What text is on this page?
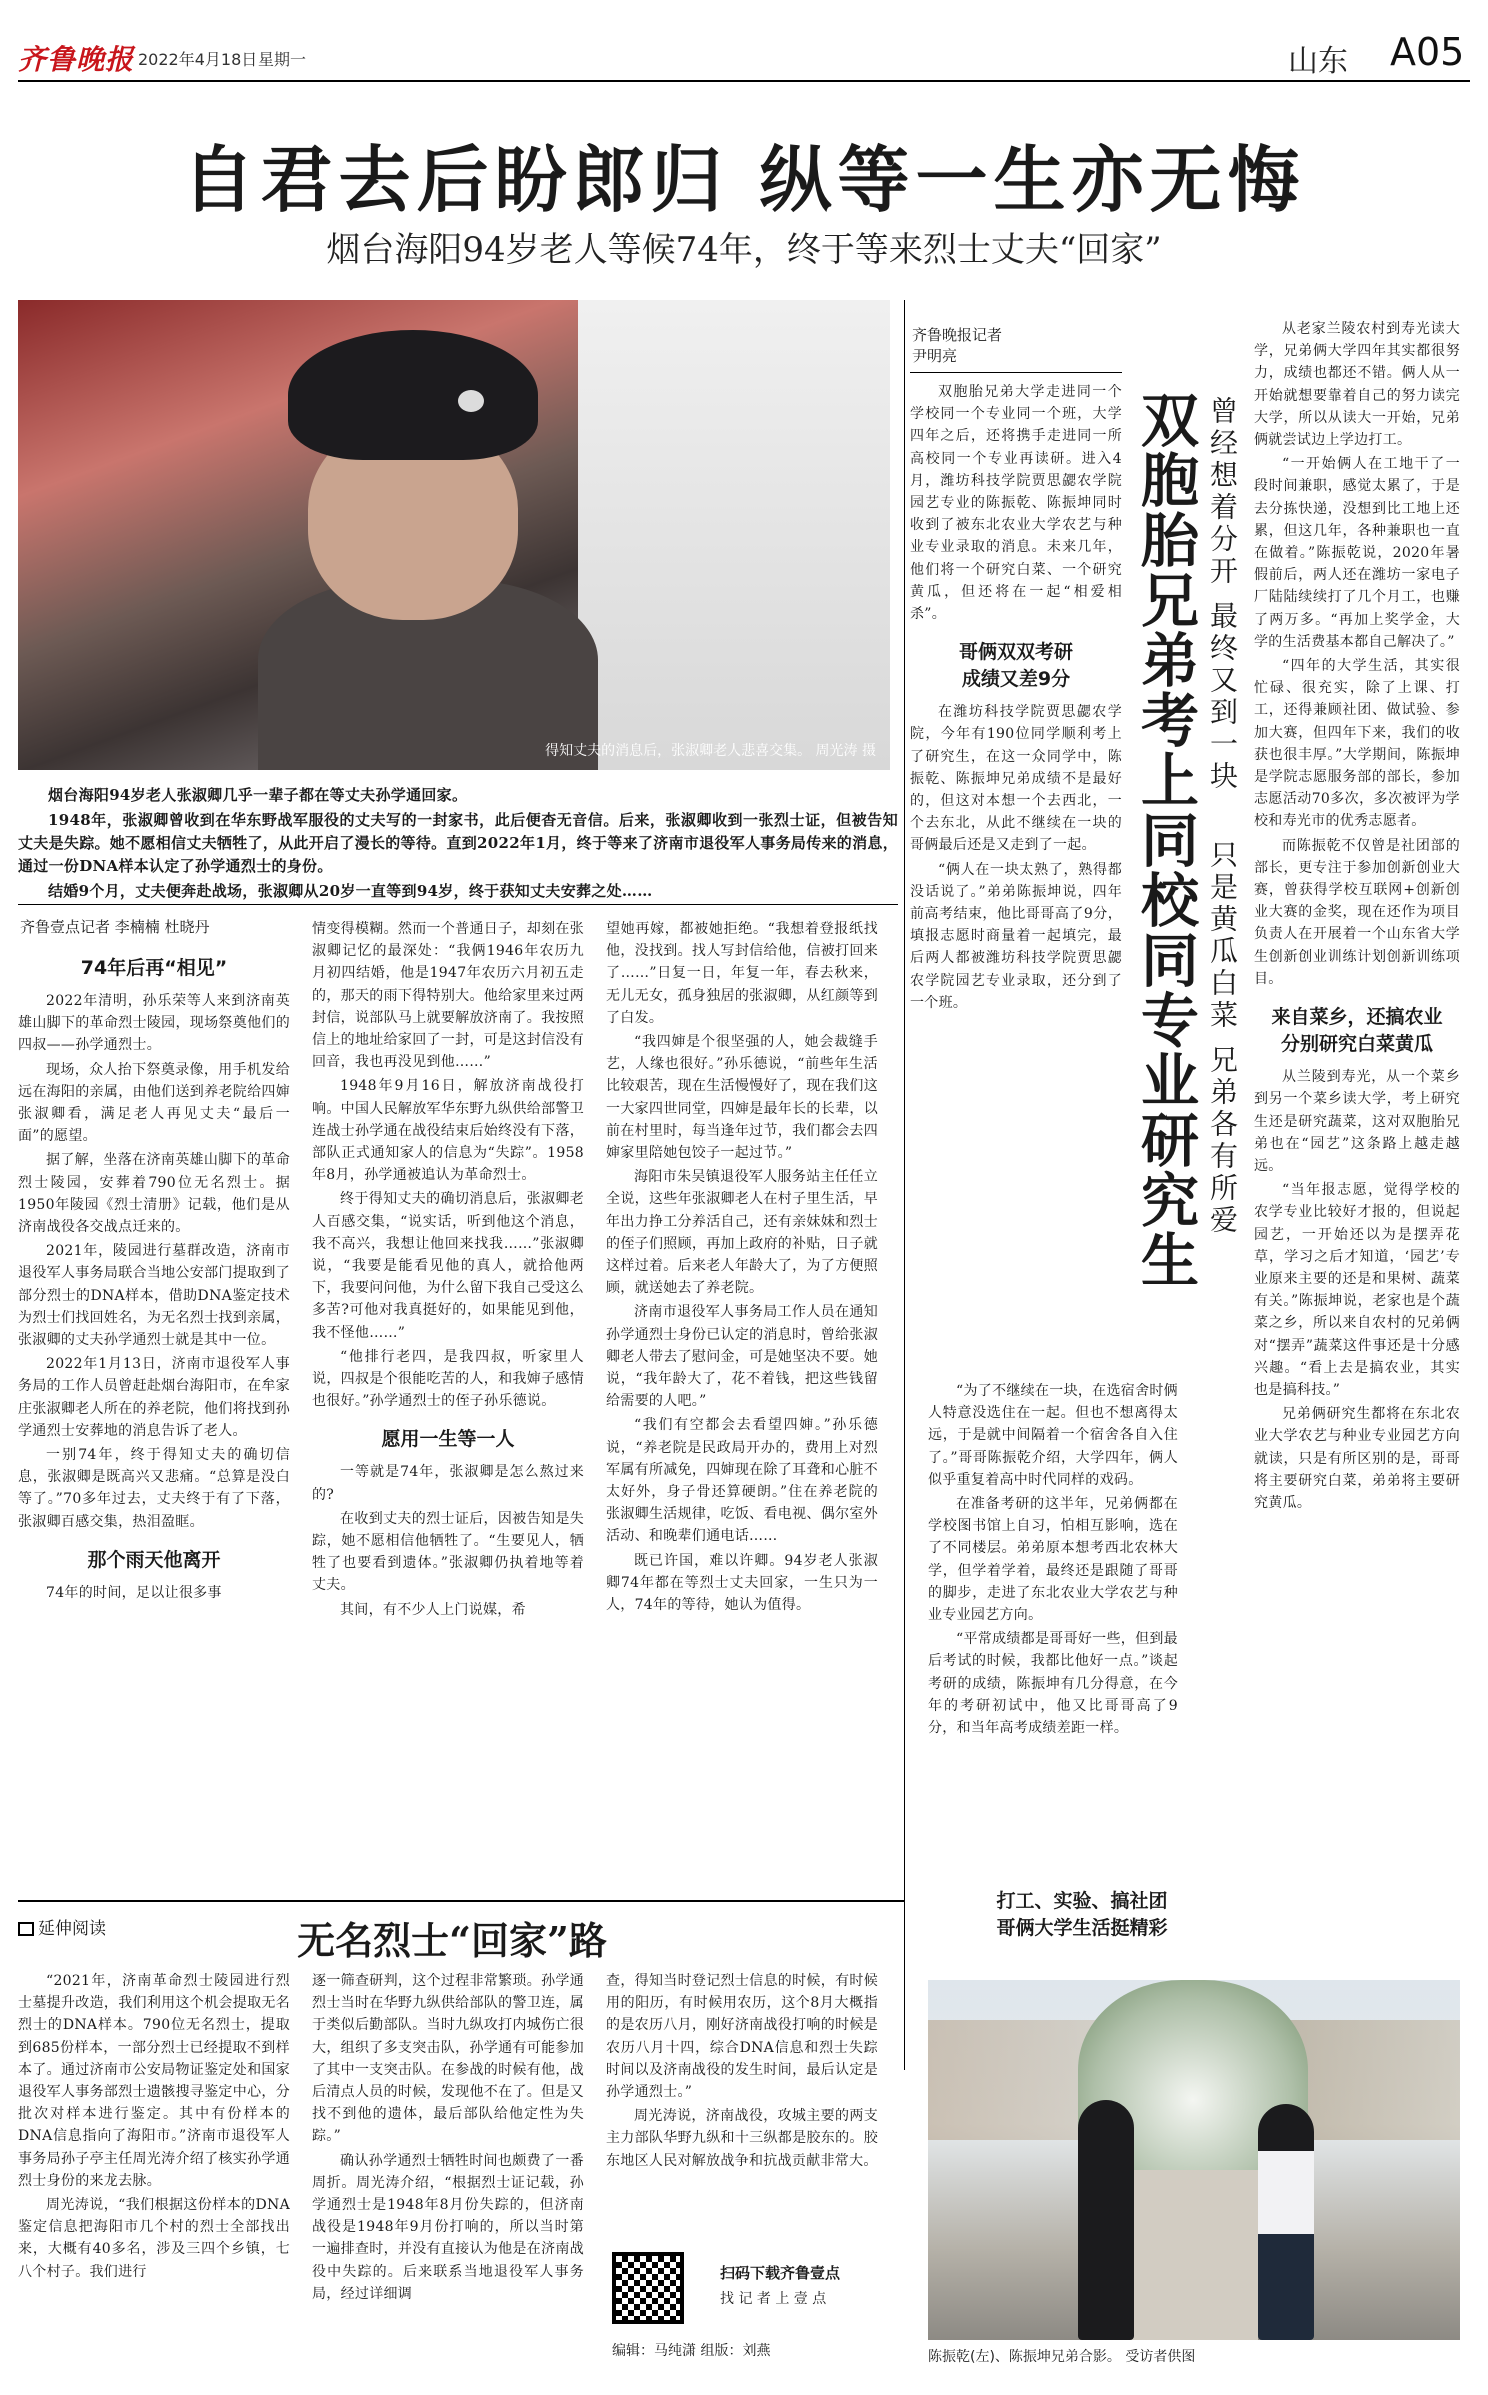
齐鲁晚报 2022年4月18日 星期一	山东 A05
自君去后盼郎归 纵等一生亦无悔
烟台海阳94岁老人等候74年，终于等来烈士丈夫“回家”
得知丈夫的消息后，张淑卿老人悲喜交集。 周光涛 摄

烟台海阳94岁老人张淑卿几乎一辈子都在等丈夫孙学通回家。

1948年，张淑卿曾收到在华东野战军服役的丈夫写的一封家书，此后便杳无音信。后来，张淑卿收到一张烈士证，但被告知丈夫是失踪。她不愿相信丈夫牺牲了，从此开启了漫长的等待。直到2022年1月，终于等来了济南市退役军人事务局传来的消息，通过一份DNA样本认定了孙学通烈士的身份。

结婚9个月，丈夫便奔赴战场，张淑卿从20岁一直等到94岁，终于获知丈夫安葬之处……

齐鲁壹点记者 李楠楠 杜晓丹
74年后再“相见”

2022年清明，孙乐荣等人来到济南英雄山脚下的革命烈士陵园，现场祭奠他们的四叔——孙学通烈士。

现场，众人抬下祭奠录像，用手机发给远在海阳的亲属，由他们送到养老院给四婶张淑卿看，满足老人再见丈夫“最后一面”的愿望。

据了解，坐落在济南英雄山脚下的革命烈士陵园，安葬着790位无名烈士。据1950年陵园《烈士清册》记载，他们是从济南战役各交战点迁来的。

2021年，陵园进行墓群改造，济南市退役军人事务局联合当地公安部门提取到了部分烈士的DNA样本，借助DNA鉴定技术为烈士们找回姓名，为无名烈士找到亲属，张淑卿的丈夫孙学通烈士就是其中一位。

2022年1月13日，济南市退役军人事务局的工作人员曾赶赴烟台海阳市，在牟家庄张淑卿老人所在的养老院，他们将找到孙学通烈士安葬地的消息告诉了老人。

一别74年，终于得知丈夫的确切信息，张淑卿是既高兴又悲痛。“总算是没白等了。”70多年过去，丈夫终于有了下落，张淑卿百感交集，热泪盈眶。

那个雨天他离开

74年的时间，足以让很多事

情变得模糊。然而一个普通日子，却刻在张淑卿记忆的最深处：“我俩1946年农历九月初四结婚，他是1947年农历六月初五走的，那天的雨下得特别大。他给家里来过两封信，说部队马上就要解放济南了。我按照信上的地址给家回了一封，可是这封信没有回音，我也再没见到他……”

1948年9月16日，解放济南战役打响。中国人民解放军华东野九纵供给部警卫连战士孙学通在战役结束后始终没有下落，部队正式通知家人的信息为“失踪”。1958年8月，孙学通被追认为革命烈士。

终于得知丈夫的确切消息后，张淑卿老人百感交集，“说实话，听到他这个消息，我不高兴，我想让他回来找我……”张淑卿说，“我要是能看见他的真人，就拾他两下，我要问问他，为什么留下我自己受这么多苦?可他对我真挺好的，如果能见到他，我不怪他……”

“他排行老四，是我四叔，听家里人说，四叔是个很能吃苦的人，和我婶子感情也很好。”孙学通烈士的侄子孙乐德说。

愿用一生等一人

一等就是74年，张淑卿是怎么熬过来的?

在收到丈夫的烈士证后，因被告知是失踪，她不愿相信他牺牲了。“生要见人，牺牲了也要看到遗体。”张淑卿仍执着地等着丈夫。

其间，有不少人上门说媒，希

望她再嫁，都被她拒绝。“我想着登报纸找他，没找到。找人写封信给他，信被打回来了……”日复一日，年复一年，春去秋来，无儿无女，孤身独居的张淑卿，从红颜等到了白发。

“我四婶是个很坚强的人，她会裁缝手艺，人缘也很好。”孙乐德说，“前些年生活比较艰苦，现在生活慢慢好了，现在我们这一大家四世同堂，四婶是最年长的长辈，以前在村里时，每当逢年过节，我们都会去四婶家里陪她包饺子一起过节。”

海阳市朱吴镇退役军人服务站主任任立全说，这些年张淑卿老人在村子里生活，早年出力挣工分养活自己，还有亲妹妹和烈士的侄子们照顾，再加上政府的补贴，日子就这样过着。后来老人年龄大了，为了方便照顾，就送她去了养老院。

济南市退役军人事务局工作人员在通知孙学通烈士身份已认定的消息时，曾给张淑卿老人带去了慰问金，可是她坚决不要。她说，“我年龄大了，花不着钱，把这些钱留给需要的人吧。”

“我们有空都会去看望四婶。”孙乐德说，“养老院是民政局开办的，费用上对烈军属有所减免，四婶现在除了耳聋和心脏不太好外，身子骨还算硬朗。”住在养老院的张淑卿生活规律，吃饭、看电视、偶尔室外活动、和晚辈们通电话……

既已许国，难以许卿。94岁老人张淑卿74年都在等烈士丈夫回家，一生只为一人，74年的等待，她认为值得。

齐鲁晚报记者
尹明亮

双胞胎兄弟大学走进同一个学校同一个专业同一个班，大学四年之后，还将携手走进同一所高校同一个专业再读研。进入4月，潍坊科技学院贾思勰农学院园艺专业的陈振乾、陈振坤同时收到了被东北农业大学农艺与种业专业录取的消息。未来几年，他们将一个研究白菜、一个研究黄瓜，但还将在一起“相爱相杀”。

哥俩双双考研
成绩又差9分

在潍坊科技学院贾思勰农学院，今年有190位同学顺利考上了研究生，在这一众同学中，陈振乾、陈振坤兄弟成绩不是最好的，但这对本想一个去西北，一个去东北，从此不继续在一块的哥俩最后还是又走到了一起。

“俩人在一块太熟了，熟得都没话说了。”弟弟陈振坤说，四年前高考结束，他比哥哥高了9分，填报志愿时商量着一起填完，最后两人都被潍坊科技学院贾思勰农学院园艺专业录取，还分到了一个班。	双胞胎兄弟考上同校同专业研究生 曾经想着分开 最终又到一块
只是黄瓜白菜 兄弟各有所爱

“为了不继续在一块，在选宿舍时俩人特意没选住在一起。但也不想离得太远，于是就中间隔着一个宿舍各自入住了。”哥哥陈振乾介绍，大学四年，俩人似乎重复着高中时代同样的戏码。

在准备考研的这半年，兄弟俩都在学校图书馆上自习，怕相互影响，选在了不同楼层。弟弟原本想考西北农林大学，但学着学着，最终还是跟随了哥哥的脚步，走进了东北农业大学农艺与种业专业园艺方向。

“平常成绩都是哥哥好一些，但到最后考试的时候，我都比他好一点。”谈起考研的成绩，陈振坤有几分得意，在今年的考研初试中，他又比哥哥高了9分，和当年高考成绩差距一样。

从老家兰陵农村到寿光读大学，兄弟俩大学四年其实都很努力，成绩也都还不错。俩人从一开始就想要靠着自己的努力读完大学，所以从读大一开始，兄弟俩就尝试边上学边打工。

“一开始俩人在工地干了一段时间兼职，感觉太累了，于是去分拣快递，没想到比工地上还累，但这几年，各种兼职也一直在做着。”陈振乾说，2020年暑假前后，两人还在潍坊一家电子厂陆陆续续打了几个月工，也赚了两万多。“再加上奖学金，大学的生活费基本都自己解决了。”

“四年的大学生活，其实很忙碌、很充实，除了上课、打工，还得兼顾社团、做试验、参加大赛，但四年下来，我们的收获也很丰厚。”大学期间，陈振坤是学院志愿服务部的部长，参加志愿活动70多次，多次被评为学校和寿光市的优秀志愿者。

而陈振乾不仅曾是社团部的部长，更专注于参加创新创业大赛，曾获得学校互联网+创新创业大赛的金奖，现在还作为项目负责人在开展着一个山东省大学生创新创业训练计划创新训练项目。

来自菜乡，还搞农业
分别研究白菜黄瓜

从兰陵到寿光，从一个菜乡到另一个菜乡读大学，考上研究生还是研究蔬菜，这对双胞胎兄弟也在“园艺”这条路上越走越远。

“当年报志愿，觉得学校的农学专业比较好才报的，但说起园艺，一开始还以为是摆弄花草，学习之后才知道，‘园艺’专业原来主要的还是和果树、蔬菜有关。”陈振坤说，老家也是个蔬菜之乡，所以来自农村的兄弟俩对“摆弄”蔬菜这件事还是十分感兴趣。“看上去是搞农业，其实也是搞科技。”

兄弟俩研究生都将在东北农业大学农艺与种业专业园艺方向就读，只是有所区别的是，哥哥将主要研究白菜，弟弟将主要研究黄瓜。

打工、实验、搞社团
哥俩大学生活挺精彩
陈振乾(左)、陈振坤兄弟合影。 受访者供图
延伸阅读	无名烈士“回家”路

“2021年，济南革命烈士陵园进行烈士墓提升改造，我们利用这个机会提取无名烈士的DNA样本。790位无名烈士，提取到685份样本，一部分烈士已经提取不到样本了。通过济南市公安局物证鉴定处和国家退役军人事务部烈士遗骸搜寻鉴定中心，分批次对样本进行鉴定。其中有份样本的DNA信息指向了海阳市。”济南市退役军人事务局孙子亭主任周光涛介绍了核实孙学通烈士身份的来龙去脉。

周光涛说，“我们根据这份样本的DNA鉴定信息把海阳市几个村的烈士全部找出来，大概有40多名，涉及三四个乡镇，七八个村子。我们进行

逐一筛查研判，这个过程非常繁琐。孙学通烈士当时在华野九纵供给部队的警卫连，属于类似后勤部队。当时九纵攻打内城伤亡很大，组织了多支突击队，孙学通有可能参加了其中一支突击队。在参战的时候有他，战后清点人员的时候，发现他不在了。但是又找不到他的遗体，最后部队给他定性为失踪。”

确认孙学通烈士牺牲时间也颇费了一番周折。周光涛介绍，“根据烈士证记载，孙学通烈士是1948年8月份失踪的，但济南战役是1948年9月份打响的，所以当时第一遍排查时，并没有直接认为他是在济南战役中失踪的。后来联系当地退役军人事务局，经过详细调

查，得知当时登记烈士信息的时候，有时候用的阳历，有时候用农历，这个8月大概指的是农历八月，刚好济南战役打响的时候是农历八月十四，综合DNA信息和烈士失踪时间以及济南战役的发生时间，最后认定是孙学通烈士。”

周光涛说，济南战役，攻城主要的两支主力部队华野九纵和十三纵都是胶东的。胶东地区人民对解放战争和抗战贡献非常大。

扫码下载齐鲁壹点
找 记 者 上 壹 点
编辑：马纯潇 组版：刘燕
